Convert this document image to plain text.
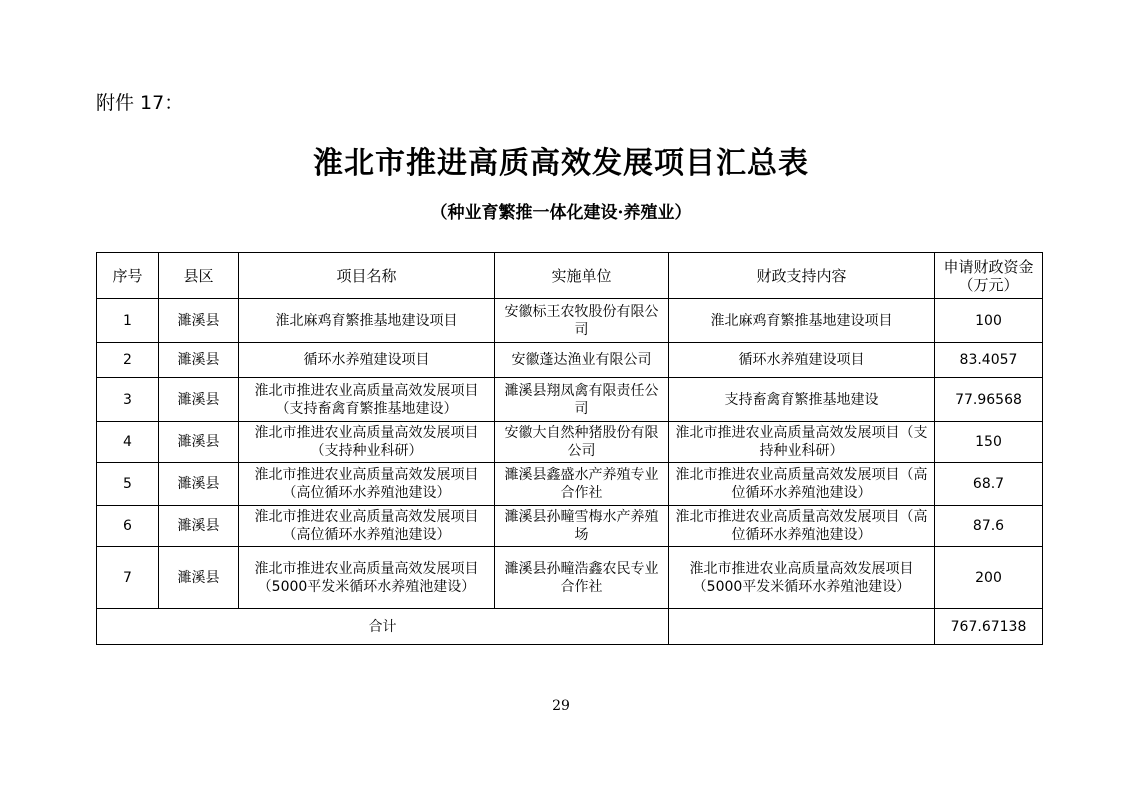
附件 17：
淮北市推进高质高效发展项目汇总表
（种业育繁推一体化建设·养殖业）
序号	县区	项目名称	实施单位	财政支持内容	申请财政资金（万元）
1	濉溪县	淮北麻鸡育繁推基地建设项目	安徽标王农牧股份有限公司	淮北麻鸡育繁推基地建设项目	100
2	濉溪县	循环水养殖建设项目	安徽蓬达渔业有限公司	循环水养殖建设项目	83.4057
3	濉溪县	淮北市推进农业高质量高效发展项目（支持畜禽育繁推基地建设）	濉溪县翔凤禽有限责任公司	支持畜禽育繁推基地建设	77.96568
4	濉溪县	淮北市推进农业高质量高效发展项目（支持种业科研）	安徽大自然种猪股份有限公司	淮北市推进农业高质量高效发展项目（支持种业科研）	150
5	濉溪县	淮北市推进农业高质量高效发展项目（高位循环水养殖池建设）	濉溪县鑫盛水产养殖专业合作社	淮北市推进农业高质量高效发展项目（高位循环水养殖池建设）	68.7
6	濉溪县	淮北市推进农业高质量高效发展项目（高位循环水养殖池建设）	濉溪县孙疃雪梅水产养殖场	淮北市推进农业高质量高效发展项目（高位循环水养殖池建设）	87.6
7	濉溪县	淮北市推进农业高质量高效发展项目（5000平发米循环水养殖池建设）	濉溪县孙疃浩鑫农民专业合作社	淮北市推进农业高质量高效发展项目（5000平发米循环水养殖池建设）	200
合计					767.67138
29
